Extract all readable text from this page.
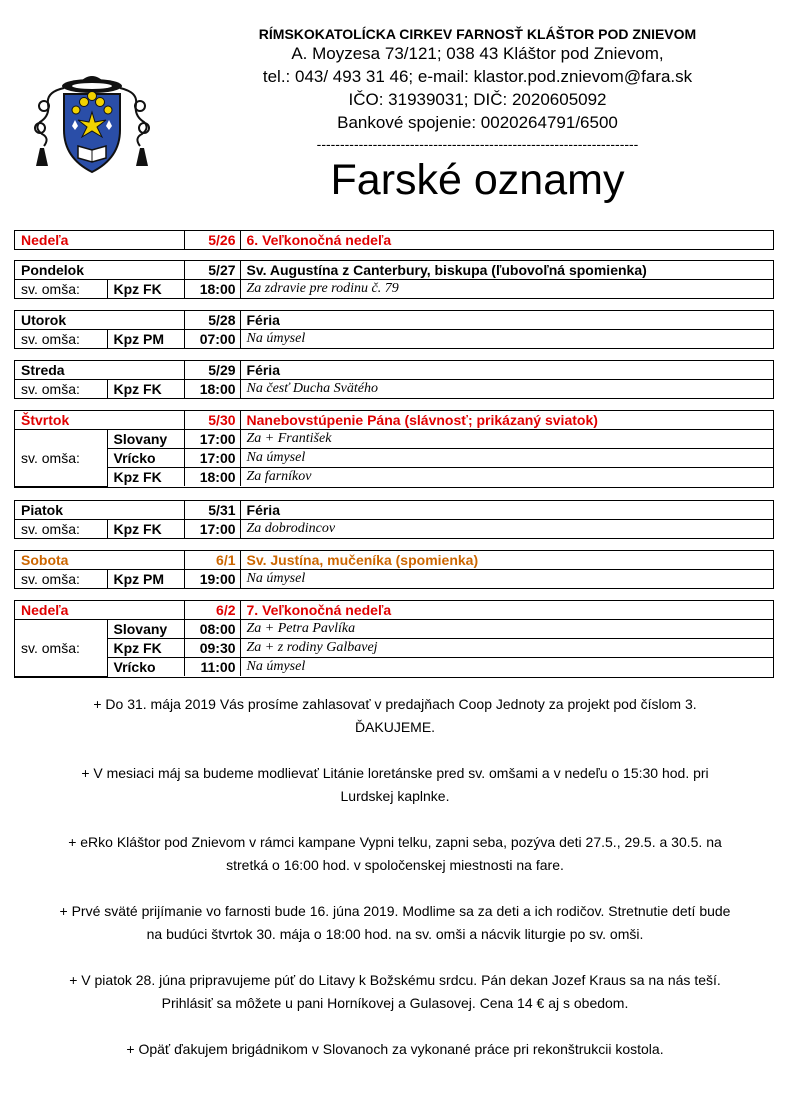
RÍMSKOKATOLÍCKA CIRKEV FARNOSŤ KLÁŠTOR POD ZNIEVOM
A. Moyzesa 73/121; 038 43 Kláštor pod Znievom,
tel.: 043/ 493 31 46; e-mail: klastor.pod.znievom@fara.sk
IČO: 31939031; DIČ: 2020605092
Bankové spojenie: 0020264791/6500
---------------------------------------------------------------------
Farské oznamy
Nedeľa	5/26	6. Veľkonočná nedeľa
Pondelok		5/27	Sv. Augustína z Canterbury, biskupa (ľubovoľná spomienka)
sv. omša:	Kpz FK	18:00	Za zdravie pre rodinu č. 79
Utorok		5/28	Féria
sv. omša:	Kpz PM	07:00	Na úmysel
Streda		5/29	Féria
sv. omša:	Kpz FK	18:00	Na česť Ducha Svätého
Štvrtok		5/30	Nanebovstúpenie Pána (slávnosť; prikázaný sviatok)
sv. omša:	Slovany	17:00	Za + František
	Vrícko	17:00	Na úmysel
	Kpz FK	18:00	Za farníkov
Piatok		5/31	Féria
sv. omša:	Kpz FK	17:00	Za dobrodincov
Sobota		6/1	Sv. Justína, mučeníka (spomienka)
sv. omša:	Kpz PM	19:00	Na úmysel
Nedeľa		6/2	7. Veľkonočná nedeľa
sv. omša:	Slovany	08:00	Za + Petra Pavlíka
	Kpz FK	09:30	Za + z rodiny Galbavej
	Vrícko	11:00	Na úmysel

+ Do 31. mája 2019 Vás prosíme zahlasovať v predajňach Coop Jednoty za projekt pod číslom 3.

ĎAKUJEME.

+ V mesiaci máj sa budeme modlievať Litánie loretánske pred sv. omšami a v nedeľu o 15:30 hod. pri

Lurdskej kaplnke.

+ eRko Kláštor pod Znievom v rámci kampane Vypni telku, zapni seba, pozýva deti 27.5., 29.5. a 30.5. na

stretká o 16:00 hod. v spoločenskej miestnosti na fare.

+ Prvé sväté prijímanie vo farnosti bude 16. júna 2019. Modlime sa za deti a ich rodičov. Stretnutie detí bude

na budúci štvrtok 30. mája o 18:00 hod. na sv. omši a nácvik liturgie po sv. omši.

+ V piatok 28. júna pripravujeme púť do Litavy k Božskému srdcu. Pán dekan Jozef Kraus sa na nás teší.

Prihlásiť sa môžete u pani Horníkovej a Gulasovej. Cena 14 € aj s obedom.

+ Opäť ďakujem brigádnikom v Slovanoch za vykonané práce pri rekonštrukcii kostola.
